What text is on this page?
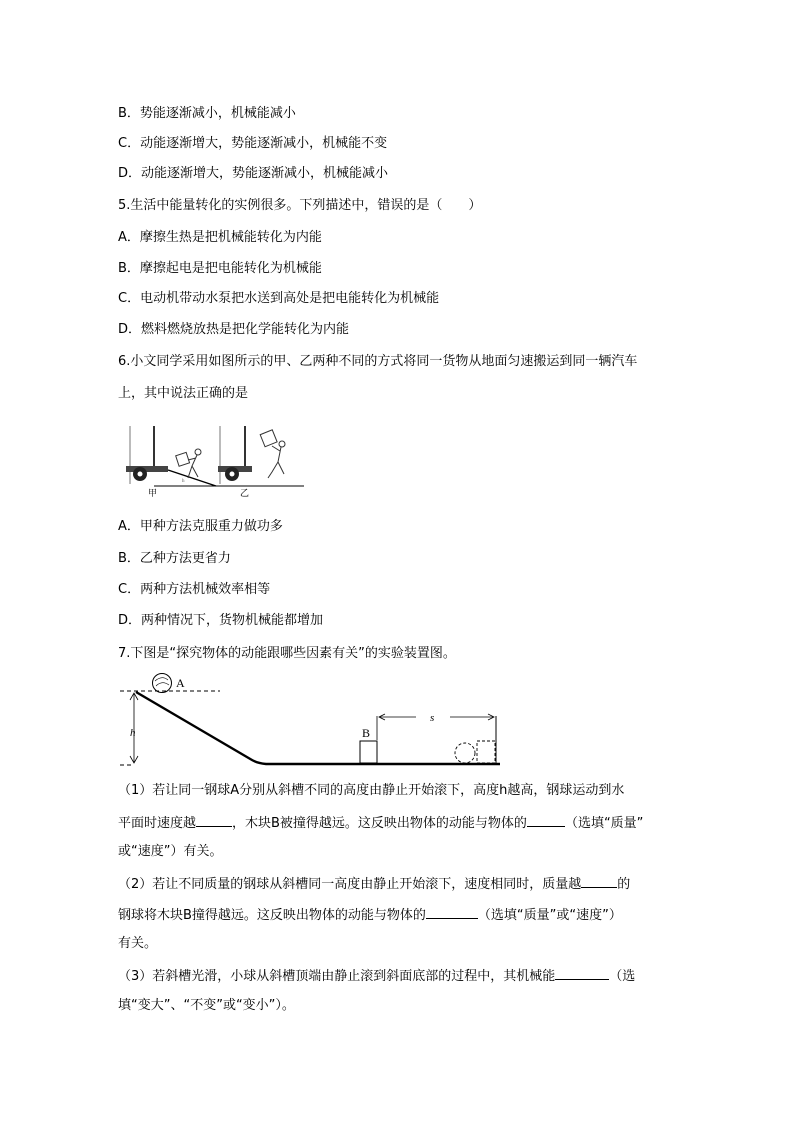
B．势能逐渐减小，机械能减小
C．动能逐渐增大，势能逐渐减小，机械能不变
D．动能逐渐增大，势能逐渐减小，机械能减小
5.生活中能量转化的实例很多。下列描述中，错误的是（　　）
A．摩擦生热是把机械能转化为内能
B．摩擦起电是把电能转化为机械能
C．电动机带动水泵把水送到高处是把电能转化为机械能
D．燃料燃烧放热是把化学能转化为内能
6.小文同学采用如图所示的甲、乙两种不同的方式将同一货物从地面匀速搬运到同一辆汽车
上，其中说法正确的是
h
甲	乙
A．甲种方法克服重力做功多
B．乙种方法更省力
C．两种方法机械效率相等
D．两种情况下，货物机械能都增加
7.下图是“探究物体的动能跟哪些因素有关”的实验装置图。
h
A
B
s
（1）若让同一钢球A分别从斜槽不同的高度由静止开始滚下，高度h越高，钢球运动到水
平面时速度越	，木块B被撞得越远。这反映出物体的动能与物体的	（选填“质量”
或“速度”）有关。
（2）若让不同质量的钢球从斜槽同一高度由静止开始滚下，速度相同时，质量越	的
钢球将木块B撞得越远。这反映出物体的动能与物体的	（选填“质量”或“速度”）
有关。
（3）若斜槽光滑，小球从斜槽顶端由静止滚到斜面底部的过程中，其机械能	（选
填“变大”、“不变”或“变小”）。
